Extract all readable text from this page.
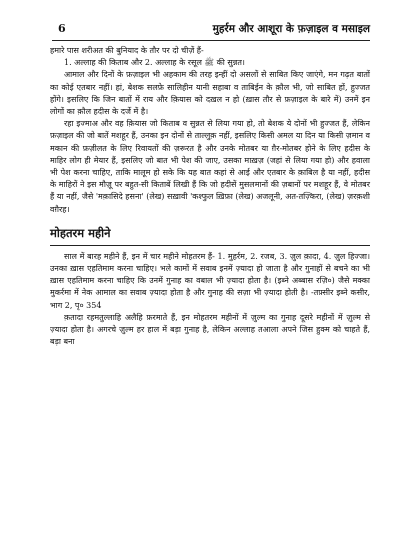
6	मुहर्रम और आशूरा के फ़ज़ाइल व मसाइल

हमारे पास शरीअत की बुनियाद के तौर पर दो चीज़ें हैं-

1. अल्लाह की किताब और 2. अल्लाह के रसूल ﷺ की सुन्नत।

आमाल और दिनों के फ़ज़ाइल भी अहकाम की तरह इन्हीं दो असलों से साबित किए जाएंगे, मन गढ़त बातों का कोई एतबार नहीं। हां, बेशक सलफ़े सालिहीन यानी सहाबा व ताबिईन के क़ौल भी, जो साबित हों, हुज्जत होंगे। इसलिए कि जिन बातों में राय और क़ियास को दख़ल न हो (ख़ास तौर से फ़ज़ाइल के बारे में) उनमें इन लोगों का क़ौल हदीस के दर्जे में है।

रहा इज्माअ और वह क़ियास जो किताब व सुन्नत से लिया गया हो, तो बेशक ये दोनों भी हुज्जत हैं, लेकिन फ़ज़ाइल की जो बातें मशहूर हैं, उनका इन दोनों से ताल्लुक़ नहीं, इसलिए किसी अमल या दिन या किसी ज़मान व मकान की फ़ज़ीलत के लिए रिवायतों की ज़रूरत है और उनके मोतबर या ग़ैर-मोतबर होने के लिए हदीस के माहिर लोग ही मेयार हैं, इसलिए जो बात भी पेश की जाए, उसका माख़ज़ (जहां से लिया गया हो) और हवाला भी पेश करना चाहिए, ताकि मालूम हो सके कि यह बात कहां से आई और एतबार के क़ाबिल है या नहीं, हदीस के माहिरों ने इस मौज़ू पर बहुत-सी किताबें लिखी हैं कि जो हदीसें मुसलमानों की ज़बानों पर मशहूर हैं, वे मोतबर हैं या नहीं, जैसे 'मक़ासिदे हसना' (लेख) सख़ावी 'कश्फुल ख़िफ़ा (लेख) अजलूनी, अत-तज़्किरा, (लेख) ज़रक़शी वग़ैरह।

मोहतरम महीने

साल में बारह महीने हैं, इन में चार महीने मोहतरम हैं- 1. मुहर्रम, 2. रजब, 3. ज़ुल क़ादा, 4. ज़ुल हिज्जा। उनका ख़ास एहतिमाम करना चाहिए। भले कामों में सवाब इनमें ज़्यादा हो जाता है और गुनाहों से बचने का भी ख़ास एहतिमाम करना चाहिए कि उनमें गुनाह का वबाल भी ज़्यादा होता है। (इब्ने अब्बास रज़ि०) जैसे मक्का मुकर्रमा में नेक आमाल का सवाब ज़्यादा होता है और गुनाह की सज़ा भी ज़्यादा होती है। -तफ़्सीर इब्ने कसीर, भाग 2, पृ० 354

क़तादा रहमतुल्लाहि अलैहि फ़रमाते हैं, इन मोहतरम महीनों में ज़ुल्म का गुनाह दूसरे महीनों में ज़ुल्म से ज़्यादा होता है। अगरचे ज़ुल्म हर हाल में बड़ा गुनाह है, लेकिन अल्लाह तआला अपने जिस हुक्म को चाहते हैं, बड़ा बना
